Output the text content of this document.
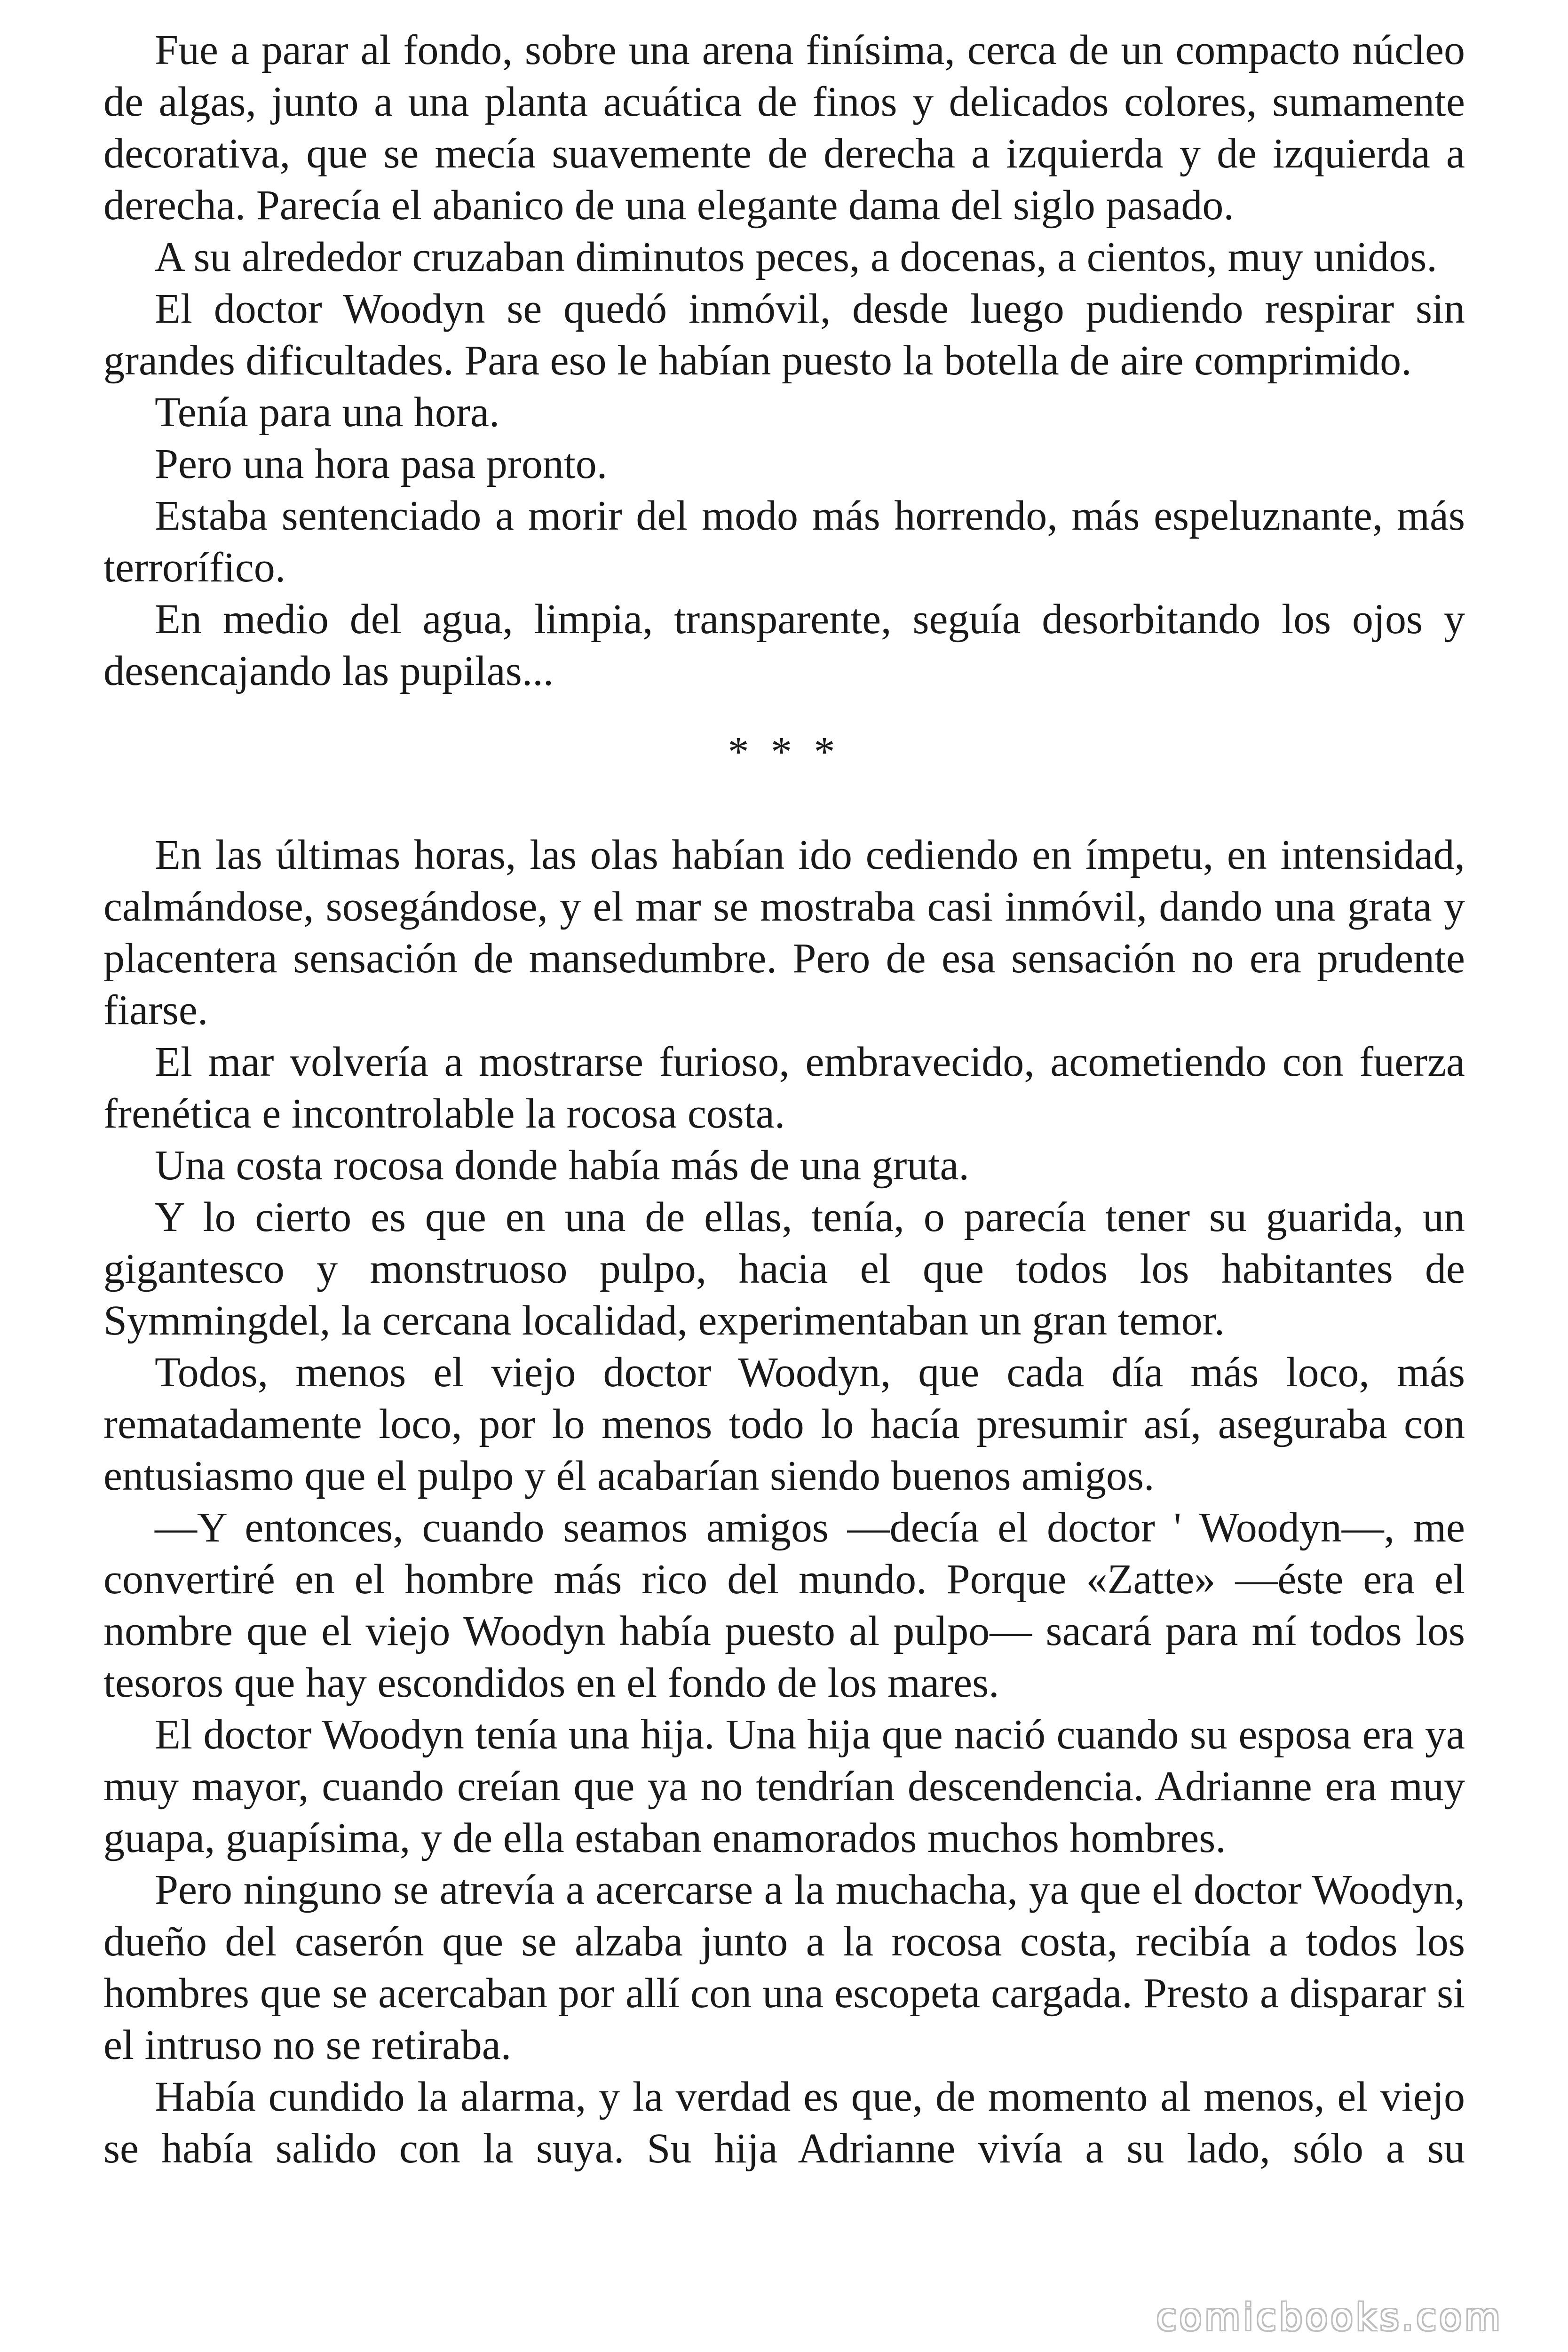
Fue a parar al fondo, sobre una arena finísima, cerca de un compacto núcleo de algas, junto a una planta acuática de finos y delicados colores, sumamente decorativa, que se mecía suavemente de derecha a izquierda y de izquierda a derecha. Parecía el abanico de una elegante dama del siglo pasado.

A su alrededor cruzaban diminutos peces, a docenas, a cientos, muy unidos.

El doctor Woodyn se quedó inmóvil, desde luego pudiendo respirar sin grandes dificultades. Para eso le habían puesto la botella de aire comprimido.

Tenía para una hora.

Pero una hora pasa pronto.

Estaba sentenciado a morir del modo más horrendo, más espeluznante, más terrorífico.

En medio del agua, limpia, transparente, seguía desorbitando los ojos y desencajando las pupilas...

* * *

En las últimas horas, las olas habían ido cediendo en ímpetu, en intensidad, calmándose, sosegándose, y el mar se mostraba casi inmóvil, dando una grata y placentera sensación de mansedumbre. Pero de esa sensación no era prudente fiarse.

El mar volvería a mostrarse furioso, embravecido, acometiendo con fuerza frenética e incontrolable la rocosa costa.

Una costa rocosa donde había más de una gruta.

Y lo cierto es que en una de ellas, tenía, o parecía tener su guarida, un gigantesco y monstruoso pulpo, hacia el que todos los habitantes de Symmingdel, la cercana localidad, experimentaban un gran temor.

Todos, menos el viejo doctor Woodyn, que cada día más loco, más rematadamente loco, por lo menos todo lo hacía presumir así, aseguraba con entusiasmo que el pulpo y él acabarían siendo buenos amigos.

—Y entonces, cuando seamos amigos —decía el doctor ' Woodyn—, me convertiré en el hombre más rico del mundo. Porque «Zatte» —éste era el nombre que el viejo Woodyn había puesto al pulpo— sacará para mí todos los tesoros que hay escondidos en el fondo de los mares.

El doctor Woodyn tenía una hija. Una hija que nació cuando su esposa era ya muy mayor, cuando creían que ya no tendrían descendencia. Adrianne era muy guapa, guapísima, y de ella estaban enamorados muchos hombres.

Pero ninguno se atrevía a acercarse a la muchacha, ya que el doctor Woodyn, dueño del caserón que se alzaba junto a la rocosa costa, recibía a todos los hombres que se acercaban por allí con una escopeta cargada. Presto a disparar si el intruso no se retiraba.

Había cundido la alarma, y la verdad es que, de momento al menos, el viejo se había salido con la suya. Su hija Adrianne vivía a su lado, sólo a su

comicbooks.com
